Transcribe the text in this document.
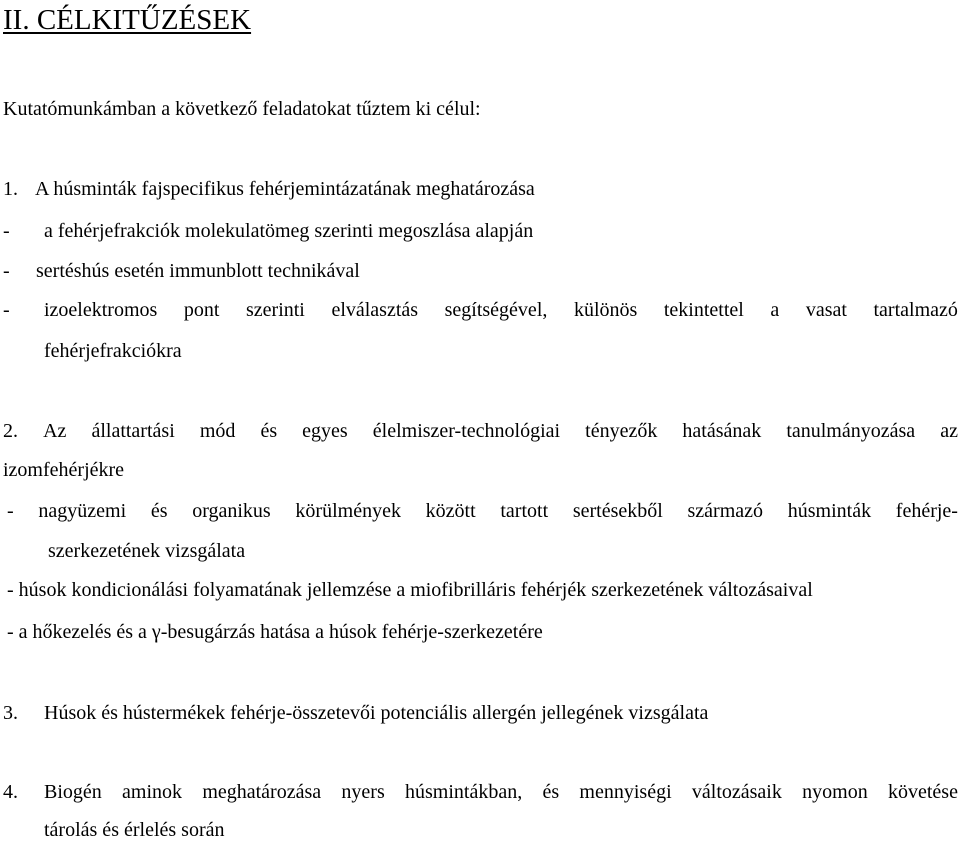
II. CÉLKITŰZÉSEK
Kutatómunkámban a következő feladatokat tűztem ki célul:
1. A húsminták fajspecifikus fehérjemintázatának meghatározása
- a fehérjefrakciók molekulatömeg szerinti megoszlása alapján
- sertéshús esetén immunblott technikával
- izoelektromos pont szerinti elválasztás segítségével, különös tekintettel a vasat tartalmazó
fehérjefrakciókra
2. Az állattartási mód és egyes élelmiszer-technológiai tényezők hatásának tanulmányozása az
izomfehérjékre
- nagyüzemi és organikus körülmények között tartott sertésekből származó húsminták fehérje-
szerkezetének vizsgálata
- húsok kondicionálási folyamatának jellemzése a miofibrilláris fehérjék szerkezetének változásaival
- a hőkezelés és a γ-besugárzás hatása a húsok fehérje-szerkezetére
3. Húsok és hústermékek fehérje-összetevői potenciális allergén jellegének vizsgálata
4. Biogén aminok meghatározása nyers húsmintákban, és mennyiségi változásaik nyomon követése
tárolás és érlelés során
